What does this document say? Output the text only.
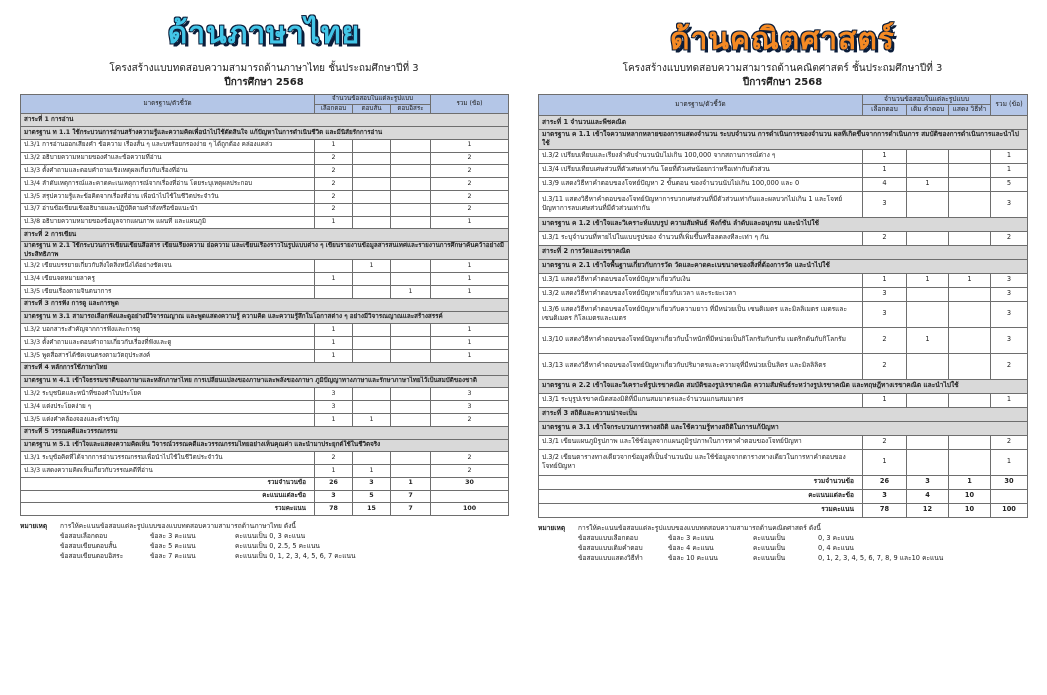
ด้านภาษาไทย
โครงสร้างแบบทดสอบความสามารถด้านภาษาไทย ชั้นประถมศึกษาปีที่ 3
ปีการศึกษา 2568
มาตรฐาน/ตัวชี้วัด	จำนวนข้อสอบในแต่ละรูปแบบ			รวม (ข้อ)
	เลือกตอบ	ตอบสั้น	ตอบอิสระ	
สาระที่ 1 การอ่าน				
มาตรฐาน ท 1.1 ใช้กระบวนการอ่านสร้างความรู้และความคิดเพื่อนำไปใช้ตัดสินใจ แก้ปัญหาในการดำเนินชีวิต และมีนิสัยรักการอ่าน				
ป.3/1 การอ่านออกเสียงคำ ข้อความ เรื่องสั้น ๆ และบทร้อยกรองง่าย ๆ ได้ถูกต้อง คล่องแคล่ว	1			1
ป.3/2 อธิบายความหมายของคำและข้อความที่อ่าน	2			2
ป.3/3 ตั้งคำถามและตอบคำถามเชิงเหตุผลเกี่ยวกับเรื่องที่อ่าน	2			2
ป.3/4 ลำดับเหตุการณ์และคาดคะเนเหตุการณ์จากเรื่องที่อ่าน โดยระบุเหตุผลประกอบ	2			2
ป.3/5 สรุปความรู้และข้อคิดจากเรื่องที่อ่าน เพื่อนำไปใช้ในชีวิตประจำวัน	2			2
ป.3/7 อ่านข้อเขียนเชิงอธิบายและปฏิบัติตามคำสั่งหรือข้อแนะนำ	2			2
ป.3/8 อธิบายความหมายของข้อมูลจากแผนภาพ แผนที่ และแผนภูมิ	1			1
สาระที่ 2 การเขียน				
มาตรฐาน ท 2.1 ใช้กระบวนการเขียนเขียนสื่อสาร เขียนเรียงความ ย่อความ และเขียนเรื่องราวในรูปแบบต่าง ๆ เขียนรายงานข้อมูลสารสนเทศและรายงานการศึกษาค้นคว้าอย่างมีประสิทธิภาพ				
ป.3/2 เขียนบรรยายเกี่ยวกับสิ่งใดสิ่งหนึ่งได้อย่างชัดเจน		1		1
ป.3/4 เขียนจดหมายลาครู	1			1
ป.3/5 เขียนเรื่องตามจินตนาการ			1	1
สาระที่ 3 การฟัง การดู และการพูด				
มาตรฐาน ท 3.1 สามารถเลือกฟังและดูอย่างมีวิจารณญาณ และพูดแสดงความรู้ ความคิด และความรู้สึกในโอกาสต่าง ๆ อย่างมีวิจารณญาณและสร้างสรรค์				
ป.3/2 บอกสาระสำคัญจากการฟังและการดู	1			1
ป.3/3 ตั้งคำถามและตอบคำถามเกี่ยวกับเรื่องที่ฟังและดู	1			1
ป.3/5 พูดสื่อสารได้ชัดเจนตรงตามวัตถุประสงค์	1			1
สาระที่ 4 หลักการใช้ภาษาไทย				
มาตรฐาน ท 4.1 เข้าใจธรรมชาติของภาษาและหลักภาษาไทย การเปลี่ยนแปลงของภาษาและพลังของภาษา ภูมิปัญญาทางภาษาและรักษาภาษาไทยไว้เป็นสมบัติของชาติ				
ป.3/2 ระบุชนิดและหน้าที่ของคำในประโยค	3			3
ป.3/4 แต่งประโยคง่าย ๆ	3			3
ป.3/5 แต่งคำคล้องจองและคำขวัญ	1	1		2
สาระที่ 5 วรรณคดีและวรรณกรรม				
มาตรฐาน ท 5.1 เข้าใจและแสดงความคิดเห็น วิจารณ์วรรณคดีและวรรณกรรมไทยอย่างเห็นคุณค่า และนำมาประยุกต์ใช้ในชีวิตจริง				
ป.3/1 ระบุข้อคิดที่ได้จากการอ่านวรรณกรรมเพื่อนำไปใช้ในชีวิตประจำวัน	2			2
ป.3/3 แสดงความคิดเห็นเกี่ยวกับวรรณคดีที่อ่าน	1	1		2
รวมจำนวนข้อ	26	3	1	30
คะแนนแต่ละข้อ	3	5	7	
รวมคะแนน	78	15	7	100
หมายเหตุ	การให้คะแนนข้อสอบแต่ละรูปแบบของแบบทดสอบความสามารถด้านภาษาไทย ดังนี้
ข้อสอบเลือกตอบ	ข้อละ 3 คะแนน	คะแนนเป็น 0, 3 คะแนน
ข้อสอบเขียนตอบสั้น	ข้อละ 5 คะแนน	คะแนนเป็น 0, 2.5, 5 คะแนน
ข้อสอบเขียนตอบอิสระ	ข้อละ 7 คะแนน	คะแนนเป็น 0, 1, 2, 3, 4, 5, 6, 7 คะแนน
ด้านคณิตศาสตร์
โครงสร้างแบบทดสอบความสามารถด้านคณิตศาสตร์ ชั้นประถมศึกษาปีที่ 3
ปีการศึกษา 2568
มาตรฐาน/ตัวชี้วัด	จำนวนข้อสอบในแต่ละรูปแบบ			รวม (ข้อ)
	เลือกตอบ	เติม คำตอบ	แสดง วิธีทำ	
สาระที่ 1 จำนวนและพีชคณิต				
มาตรฐาน ค 1.1 เข้าใจความหลากหลายของการแสดงจำนวน ระบบจำนวน การดำเนินการของจำนวน ผลที่เกิดขึ้นจากการดำเนินการ สมบัติของการดำเนินการและนำไปใช้				
ป.3/2 เปรียบเทียบและเรียงลำดับจำนวนนับไม่เกิน 100,000 จากสถานการณ์ต่าง ๆ	1			1
ป.3/4 เปรียบเทียบเศษส่วนที่ตัวเศษเท่ากัน โดยที่ตัวเศษน้อยกว่าหรือเท่ากับตัวส่วน	1			1
ป.3/9 แสดงวิธีหาคำตอบของโจทย์ปัญหา 2 ขั้นตอน ของจำนวนนับไม่เกิน 100,000 และ 0	4	1		5
ป.3/11 แสดงวิธีหาคำตอบของโจทย์ปัญหาการบวกเศษส่วนที่มีตัวส่วนเท่ากันและผลบวกไม่เกิน 1 และโจทย์ปัญหาการลบเศษส่วนที่มีตัวส่วนเท่ากัน	3			3
มาตรฐาน ค 1.2 เข้าใจและวิเคราะห์แบบรูป ความสัมพันธ์ ฟังก์ชัน ลำดับและอนุกรม และนำไปใช้				
ป.3/1 ระบุจำนวนที่หายไปในแบบรูปของ จำนวนที่เพิ่มขึ้นหรือลดลงทีละเท่า ๆ กัน	2			2
สาระที่ 2 การวัดและเรขาคณิต				
มาตรฐาน ค 2.1 เข้าใจพื้นฐานเกี่ยวกับการวัด วัดและคาดคะเนขนาดของสิ่งที่ต้องการวัด และนำไปใช้				
ป.3/1 แสดงวิธีหาคำตอบของโจทย์ปัญหาเกี่ยวกับเงิน	1	1	1	3
ป.3/2 แสดงวิธีหาคำตอบของโจทย์ปัญหาเกี่ยวกับเวลา และระยะเวลา	3			3
ป.3/6 แสดงวิธีหาคำตอบของโจทย์ปัญหาเกี่ยวกับความยาว ที่มีหน่วยเป็น เซนติเมตร และมิลลิเมตร เมตรและเซนติเมตร กิโลเมตรและเมตร	3			3
ป.3/10 แสดงวิธีหาคำตอบของโจทย์ปัญหาเกี่ยวกับน้ำหนักที่มีหน่วยเป็นกิโลกรัมกับกรัม เมตริกตันกับกิโลกรัม	2	1		3
ป.3/13 แสดงวิธีหาคำตอบของโจทย์ปัญหาเกี่ยวกับปริมาตรและความจุที่มีหน่วยเป็นลิตร และมิลลิลิตร	2			2
มาตรฐาน ค 2.2 เข้าใจและวิเคราะห์รูปเรขาคณิต สมบัติของรูปเรขาคณิต ความสัมพันธ์ระหว่างรูปเรขาคณิต และทฤษฎีทางเรขาคณิต และนำไปใช้				
ป.3/1 ระบุรูปเรขาคณิตสองมิติที่มีแกนสมมาตรและจำนวนแกนสมมาตร	1			1
สาระที่ 3 สถิติและความน่าจะเป็น				
มาตรฐาน ค 3.1 เข้าใจกระบวนการทางสถิติ และใช้ความรู้ทางสถิติในการแก้ปัญหา				
ป.3/1 เขียนแผนภูมิรูปภาพ และใช้ข้อมูลจากแผนภูมิรูปภาพในการหาคำตอบของโจทย์ปัญหา	2			2
ป.3/2 เขียนตารางทางเดียวจากข้อมูลที่เป็นจำนวนนับ และใช้ข้อมูลจากตารางทางเดียวในการหาคำตอบของโจทย์ปัญหา	1			1
รวมจำนวนข้อ	26	3	1	30
คะแนนแต่ละข้อ	3	4	10	
รวมคะแนน	78	12	10	100
หมายเหตุ	การให้คะแนนข้อสอบแต่ละรูปแบบของแบบทดสอบความสามารถด้านคณิตศาสตร์ ดังนี้
ข้อสอบแบบเลือกตอบ	ข้อละ 3 คะแนน	คะแนนเป็น	0, 3 คะแนน
ข้อสอบแบบเติมคำตอบ	ข้อละ 4 คะแนน	คะแนนเป็น	0, 4 คะแนน
ข้อสอบแบบแสดงวิธีทำ	ข้อละ 10 คะแนน	คะแนนเป็น	0, 1, 2, 3, 4, 5, 6, 7, 8, 9 และ10 คะแนน
